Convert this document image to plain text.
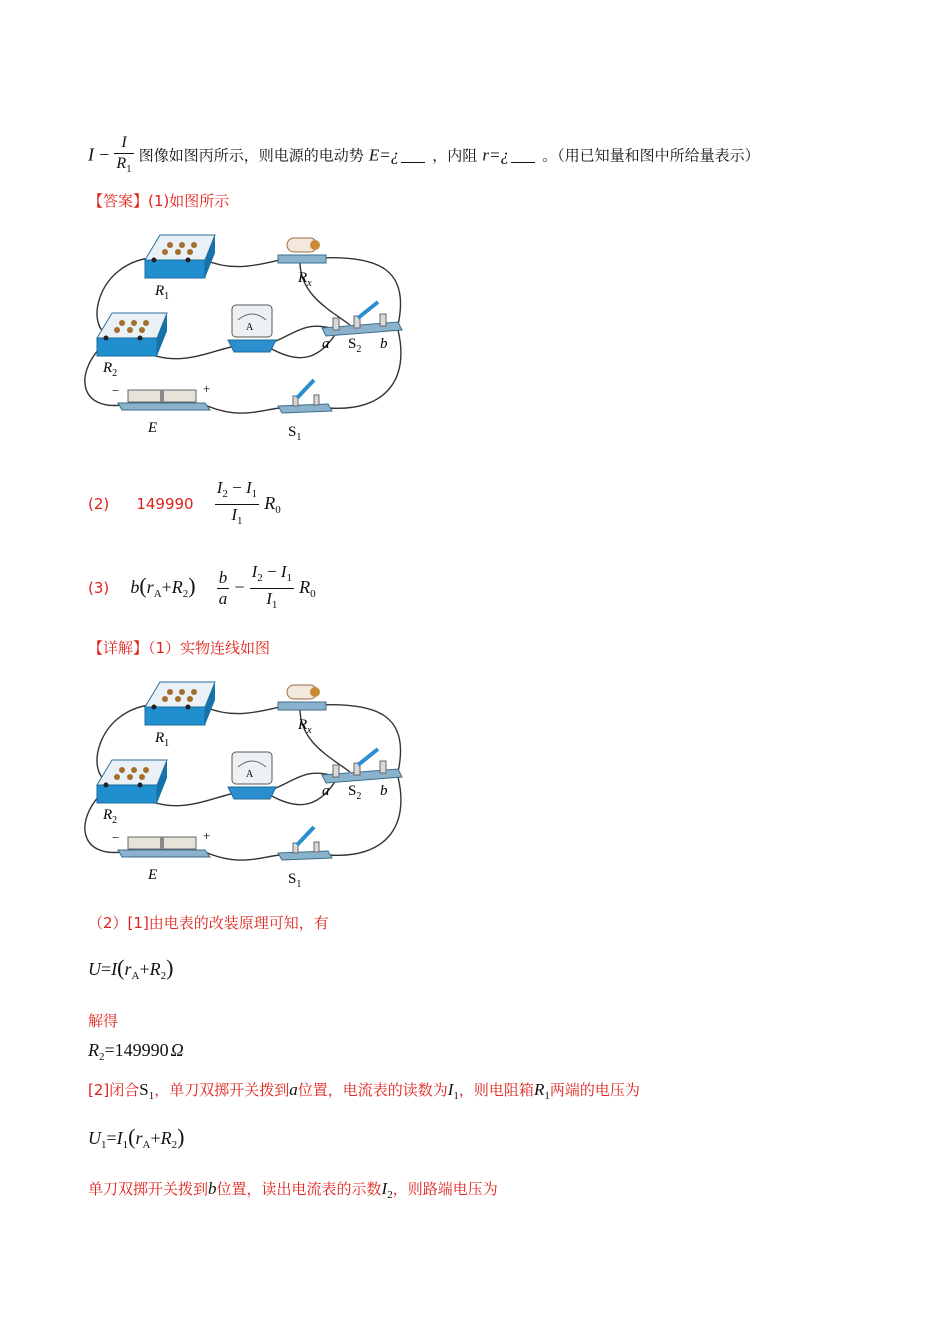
$I - \frac{I}{R_1}$ 图像如图丙所示，则电源的电动势 E=¿ ，内阻 r=¿ 。（用已知量和图中所给量表示）
【答案】(1)如图所示
$R_1$
$R_x$
$R_2$
A
a $S_2$ b
−	+
E	$S_1$
(2) $149990 \frac{I_2 - I_1}{I_1} R_0$
(3) $b(r_A+R_2) \frac{b}{a} - \frac{I_2 - I_1}{I_1} R_0$
【详解】（1）实物连线如图
$R_1$
$R_x$
$R_2$
A
a $S_2$ b
−	+
E	$S_1$
（2）[1]由电表的改装原理可知，有
$U=I(r_A+R_2)$
解得
$R_2=149990$ Ω
[2]闭合$S_1$，单刀双掷开关拨到a位置，电流表的读数为$I_1$，则电阻箱$R_1$两端的电压为
$U_1=I_1(r_A+R_2)$
单刀双掷开关拨到b位置，读出电流表的示数$I_2$，则路端电压为
